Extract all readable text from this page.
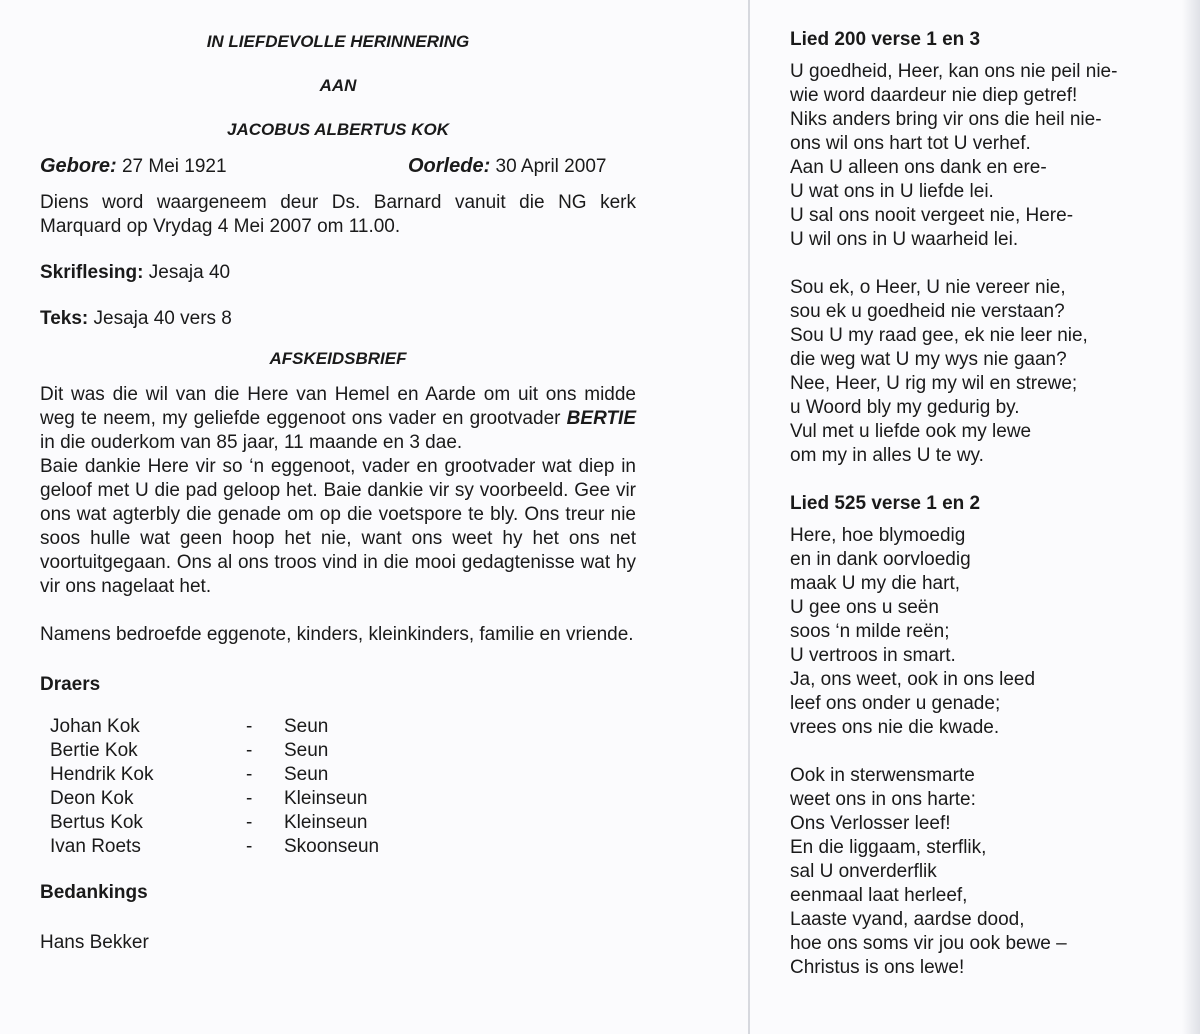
IN LIEFDEVOLLE HERINNERING
AAN
JACOBUS ALBERTUS KOK
Gebore: 27 Mei 1921	Oorlede: 30 April 2007
Diens word waargeneem deur Ds. Barnard vanuit die NG kerk Marquard op Vrydag 4 Mei 2007 om 11.00.
Skriflesing: Jesaja 40
Teks: Jesaja 40 vers 8
AFSKEIDSBRIEF
Dit was die wil van die Here van Hemel en Aarde om uit ons midde weg te neem, my geliefde eggenoot ons vader en grootvader BERTIE in die ouderkom van 85 jaar, 11 maande en 3 dae.
Baie dankie Here vir so ‘n eggenoot, vader en grootvader wat diep in geloof met U die pad geloop het. Baie dankie vir sy voorbeeld. Gee vir ons wat agterbly die genade om op die voetspore te bly. Ons treur nie soos hulle wat geen hoop het nie, want ons weet hy het ons net voortuitgegaan. Ons al ons troos vind in die mooi gedagtenisse wat hy vir ons nagelaat het.
Namens bedroefde eggenote, kinders, kleinkinders, familie en vriende.
Draers
Johan Kok	-	Seun
Bertie Kok	-	Seun
Hendrik Kok	-	Seun
Deon Kok	-	Kleinseun
Bertus Kok	-	Kleinseun
Ivan Roets	-	Skoonseun
Bedankings
Hans Bekker
Lied 200 verse 1 en 3
U goedheid, Heer, kan ons nie peil nie-
wie word daardeur nie diep getref!
Niks anders bring vir ons die heil nie-
ons wil ons hart tot U verhef.
Aan U alleen ons dank en ere-
U wat ons in U liefde lei.
U sal ons nooit vergeet nie, Here-
U wil ons in U waarheid lei.
Sou ek, o Heer, U nie vereer nie,
sou ek u goedheid nie verstaan?
Sou U my raad gee, ek nie leer nie,
die weg wat U my wys nie gaan?
Nee, Heer, U rig my wil en strewe;
u Woord bly my gedurig by.
Vul met u liefde ook my lewe
om my in alles U te wy.
Lied 525 verse 1 en 2
Here, hoe blymoedig
en in dank oorvloedig
maak U my die hart,
U gee ons u seën
soos ‘n milde reën;
U vertroos in smart.
Ja, ons weet, ook in ons leed
leef ons onder u genade;
vrees ons nie die kwade.
Ook in sterwensmarte
weet ons in ons harte:
Ons Verlosser leef!
En die liggaam, sterflik,
sal U onverderflik
eenmaal laat herleef,
Laaste vyand, aardse dood,
hoe ons soms vir jou ook bewe –
Christus is ons lewe!
